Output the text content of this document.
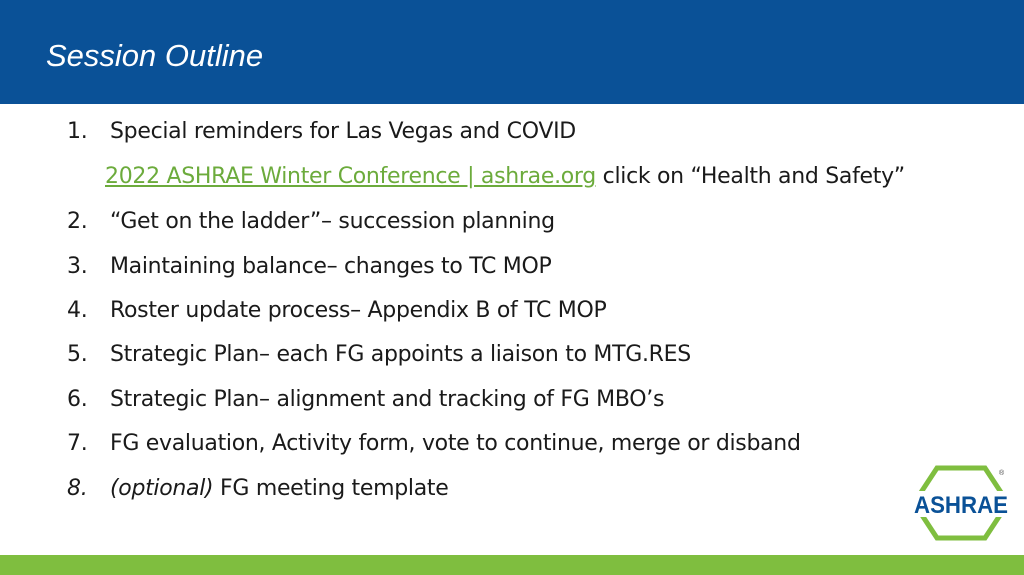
Session Outline
1. Special reminders for Las Vegas and COVID
2022 ASHRAE Winter Conference | ashrae.org click on “Health and Safety”
2. “Get on the ladder”– succession planning
3. Maintaining balance– changes to TC MOP
4. Roster update process– Appendix B of TC MOP
5. Strategic Plan– each FG appoints a liaison to MTG.RES
6. Strategic Plan– alignment and tracking of FG MBO’s
7. FG evaluation, Activity form, vote to continue, merge or disband
8. (optional) FG meeting template
ASHRAE
®
